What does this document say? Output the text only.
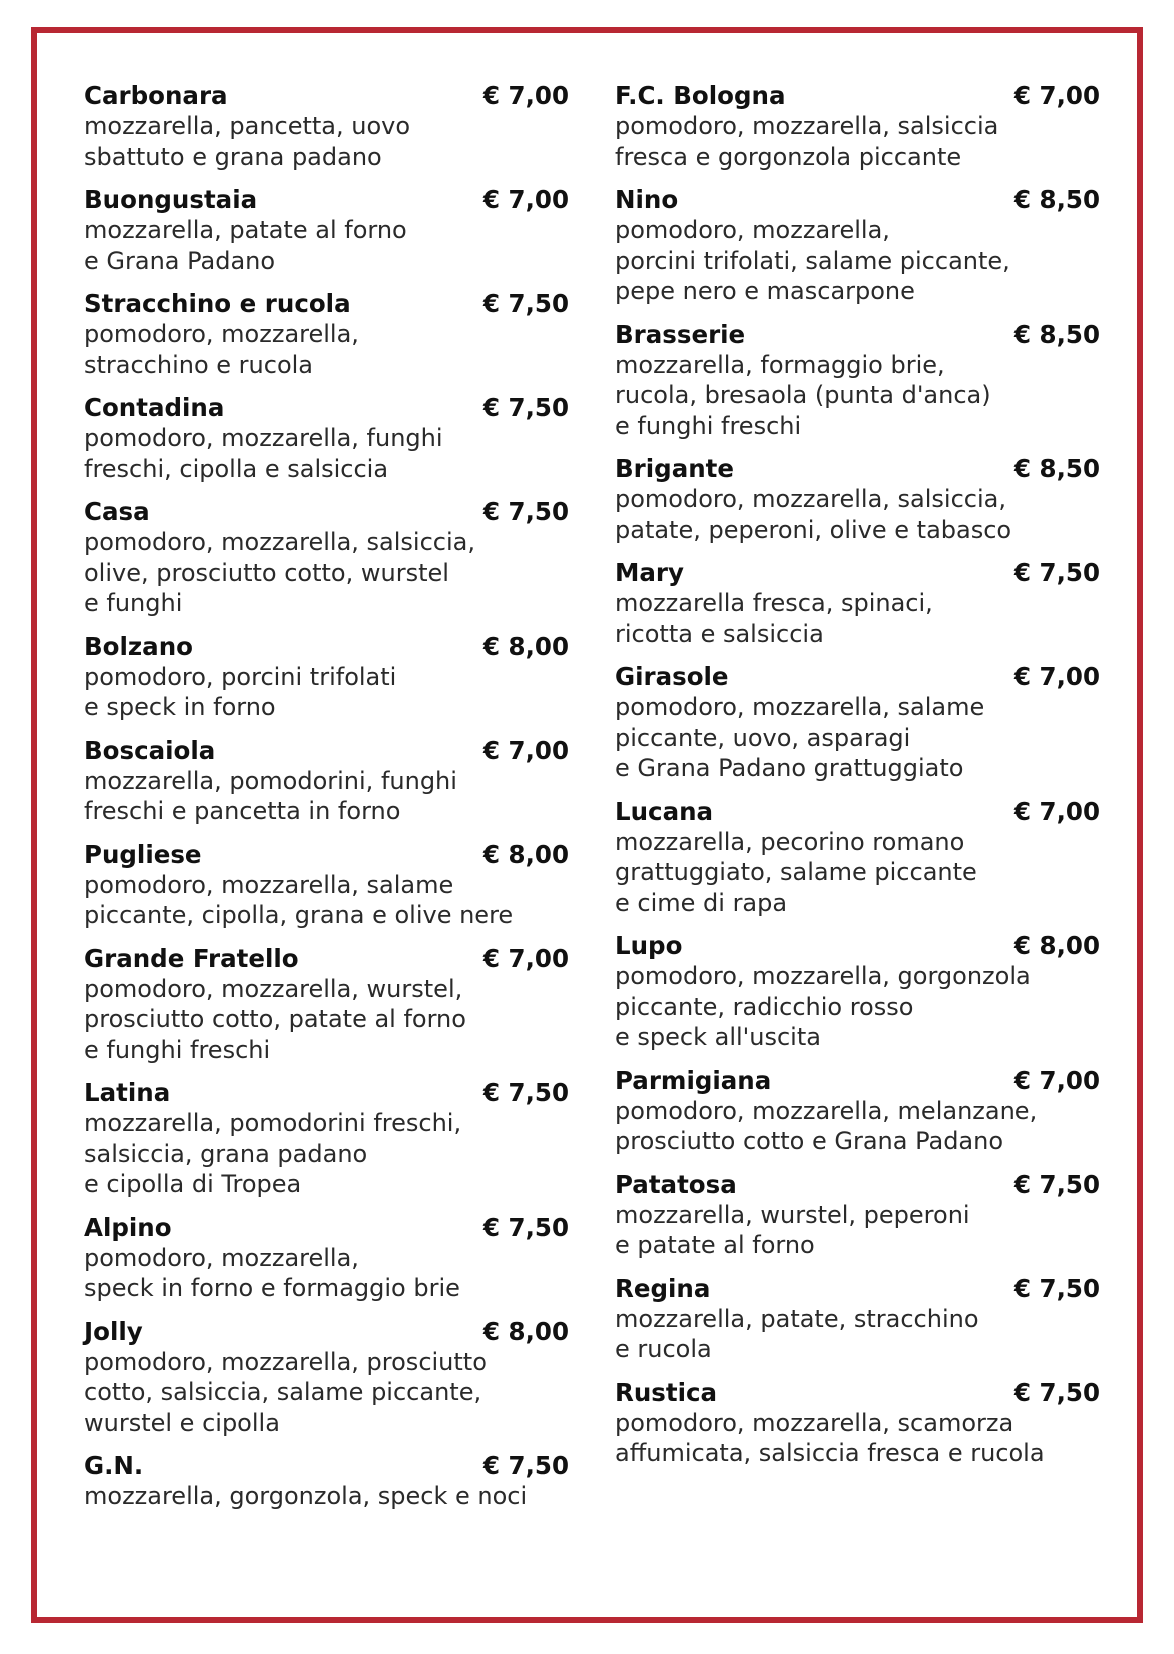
Carbonara	€ 7,00
mozzarella, pancetta, uovo
sbattuto e grana padano
Buongustaia	€ 7,00
mozzarella, patate al forno
e Grana Padano
Stracchino e rucola	€ 7,50
pomodoro, mozzarella,
stracchino e rucola
Contadina	€ 7,50
pomodoro, mozzarella, funghi
freschi, cipolla e salsiccia
Casa	€ 7,50
pomodoro, mozzarella, salsiccia,
olive, prosciutto cotto, wurstel
e funghi
Bolzano	€ 8,00
pomodoro, porcini trifolati
e speck in forno
Boscaiola	€ 7,00
mozzarella, pomodorini, funghi
freschi e pancetta in forno
Pugliese	€ 8,00
pomodoro, mozzarella, salame
piccante, cipolla, grana e olive nere
Grande Fratello	€ 7,00
pomodoro, mozzarella, wurstel,
prosciutto cotto, patate al forno
e funghi freschi
Latina	€ 7,50
mozzarella, pomodorini freschi,
salsiccia, grana padano
e cipolla di Tropea
Alpino	€ 7,50
pomodoro, mozzarella,
speck in forno e formaggio brie
Jolly	€ 8,00
pomodoro, mozzarella, prosciutto
cotto, salsiccia, salame piccante,
wurstel e cipolla
G.N.	€ 7,50
mozzarella, gorgonzola, speck e noci
F.C. Bologna	€ 7,00
pomodoro, mozzarella, salsiccia
fresca e gorgonzola piccante
Nino	€ 8,50
pomodoro, mozzarella,
porcini trifolati, salame piccante,
pepe nero e mascarpone
Brasserie	€ 8,50
mozzarella, formaggio brie,
rucola, bresaola (punta d'anca)
e funghi freschi
Brigante	€ 8,50
pomodoro, mozzarella, salsiccia,
patate, peperoni, olive e tabasco
Mary	€ 7,50
mozzarella fresca, spinaci,
ricotta e salsiccia
Girasole	€ 7,00
pomodoro, mozzarella, salame
piccante, uovo, asparagi
e Grana Padano grattuggiato
Lucana	€ 7,00
mozzarella, pecorino romano
grattuggiato, salame piccante
e cime di rapa
Lupo	€ 8,00
pomodoro, mozzarella, gorgonzola
piccante, radicchio rosso
e speck all'uscita
Parmigiana	€ 7,00
pomodoro, mozzarella, melanzane,
prosciutto cotto e Grana Padano
Patatosa	€ 7,50
mozzarella, wurstel, peperoni
e patate al forno
Regina	€ 7,50
mozzarella, patate, stracchino
e rucola
Rustica	€ 7,50
pomodoro, mozzarella, scamorza
affumicata, salsiccia fresca e rucola
